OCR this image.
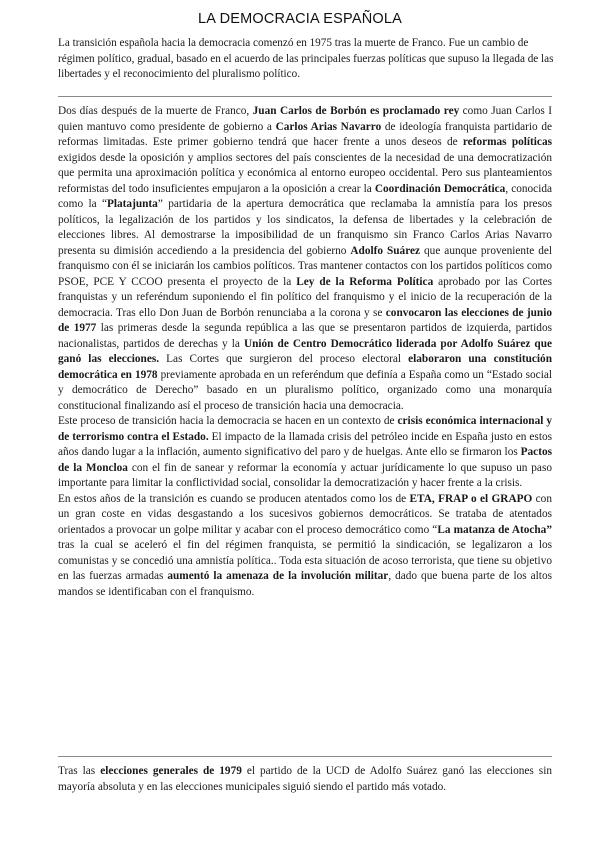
LA DEMOCRACIA ESPAÑOLA
La transición española hacia la democracia comenzó en 1975 tras la muerte de Franco. Fue un cambio de régimen político, gradual, basado en el acuerdo de las principales fuerzas políticas que supuso la llegada de las libertades y el reconocimiento del pluralismo político.

Dos días después de la muerte de Franco, Juan Carlos de Borbón es proclamado rey como Juan Carlos I quien mantuvo como presidente de gobierno a Carlos Arias Navarro de ideología franquista partidario de reformas limitadas. Este primer gobierno tendrá que hacer frente a unos deseos de reformas políticas exigidos desde la oposición y amplios sectores del país conscientes de la necesidad de una democratización que permita una aproximación política y económica al entorno europeo occidental. Pero sus planteamientos reformistas del todo insuficientes empujaron a la oposición a crear la Coordinación Democrática, conocida como la “Platajunta” partidaria de la apertura democrática que reclamaba la amnistía para los presos políticos, la legalización de los partidos y los sindicatos, la defensa de libertades y la celebración de elecciones libres. Al demostrarse la imposibilidad de un franquismo sin Franco Carlos Arias Navarro presenta su dimisión accediendo a la presidencia del gobierno Adolfo Suárez que aunque proveniente del franquismo con él se iniciarán los cambios políticos. Tras mantener contactos con los partidos políticos como PSOE, PCE Y CCOO presenta el proyecto de la Ley de la Reforma Política aprobado por las Cortes franquistas y un referéndum suponiendo el fin político del franquismo y el inicio de la recuperación de la democracia. Tras ello Don Juan de Borbón renunciaba a la corona y se convocaron las elecciones de junio de 1977 las primeras desde la segunda república a las que se presentaron partidos de izquierda, partidos nacionalistas, partidos de derechas y la Unión de Centro Democrático liderada por Adolfo Suárez que ganó las elecciones. Las Cortes que surgieron del proceso electoral elaboraron una constitución democrática en 1978 previamente aprobada en un referéndum que definía a España como un “Estado social y democrático de Derecho” basado en un pluralismo político, organizado como una monarquía constitucional finalizando así el proceso de transición hacia una democracia.

Este proceso de transición hacia la democracia se hacen en un contexto de crisis económica internacional y de terrorismo contra el Estado. El impacto de la llamada crisis del petróleo incide en España justo en estos años dando lugar a la inflación, aumento significativo del paro y de huelgas. Ante ello se firmaron los Pactos de la Moncloa con el fin de sanear y reformar la economía y actuar jurídicamente lo que supuso un paso importante para limitar la conflictividad social, consolidar la democratización y hacer frente a la crisis.

En estos años de la transición es cuando se producen atentados como los de ETA, FRAP o el GRAPO con un gran coste en vidas desgastando a los sucesivos gobiernos democráticos. Se trataba de atentados orientados a provocar un golpe militar y acabar con el proceso democrático como “La matanza de Atocha” tras la cual se aceleró el fin del régimen franquista, se permitió la sindicación, se legalizaron a los comunistas y se concedió una amnistía política.. Toda esta situación de acoso terrorista, que tiene su objetivo en las fuerzas armadas aumentó la amenaza de la involución militar, dado que buena parte de los altos mandos se identificaban con el franquismo.

Tras las elecciones generales de 1979 el partido de la UCD de Adolfo Suárez ganó las elecciones sin mayoría absoluta y en las elecciones municipales siguió siendo el partido más votado.
